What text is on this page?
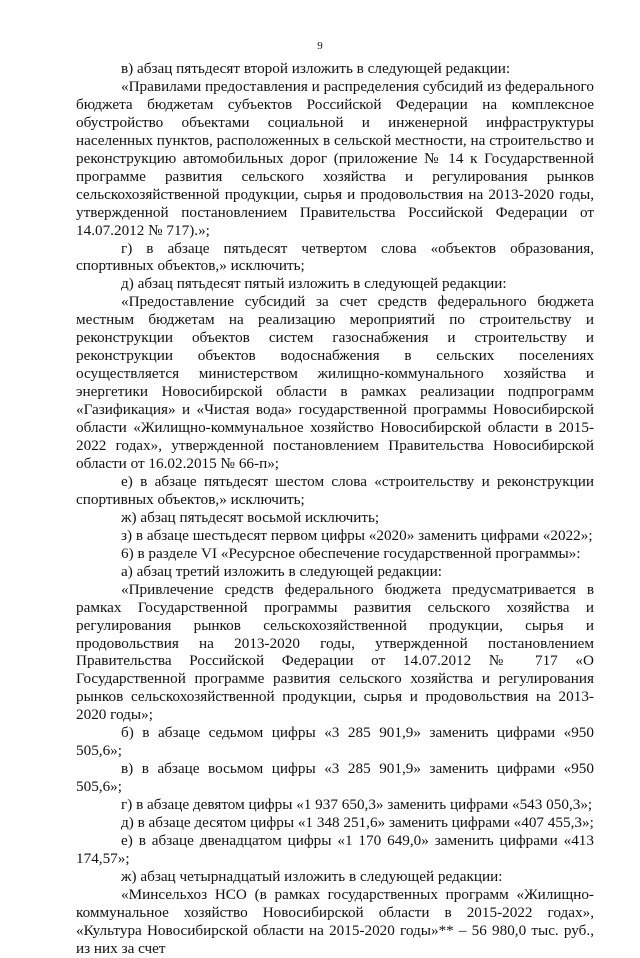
9

в) абзац пятьдесят второй изложить в следующей редакции:

«Правилами предоставления и распределения субсидий из федерального бюджета бюджетам субъектов Российской Федерации на комплексное обустройство объектами социальной и инженерной инфраструктуры населенных пунктов, расположенных в сельской местности, на строительство и реконструкцию автомобильных дорог (приложение № 14 к Государственной программе развития сельского хозяйства и регулирования рынков сельскохозяйственной продукции, сырья и продовольствия на 2013-2020 годы, утвержденной постановлением Правительства Российской Федерации от 14.07.2012 № 717).»;

г) в абзаце пятьдесят четвертом слова «объектов образования, спортивных объектов,» исключить;

д) абзац пятьдесят пятый изложить в следующей редакции:

«Предоставление субсидий за счет средств федерального бюджета местным бюджетам на реализацию мероприятий по строительству и реконструкции объектов систем газоснабжения и строительству и реконструкции объектов водоснабжения в сельских поселениях осуществляется министерством жилищно-коммунального хозяйства и энергетики Новосибирской области в рамках реализации подпрограмм «Газификация» и «Чистая вода» государственной программы Новосибирской области «Жилищно-коммунальное хозяйство Новосибирской области в 2015-2022 годах», утвержденной постановлением Правительства Новосибирской области от 16.02.2015 № 66-п»;

е) в абзаце пятьдесят шестом слова «строительству и реконструкции спортивных объектов,» исключить;

ж) абзац пятьдесят восьмой исключить;

з) в абзаце шестьдесят первом цифры «2020» заменить цифрами «2022»;

6) в разделе VI «Ресурсное обеспечение государственной программы»:

а) абзац третий изложить в следующей редакции:

«Привлечение средств федерального бюджета предусматривается в рамках Государственной программы развития сельского хозяйства и регулирования рынков сельскохозяйственной продукции, сырья и продовольствия на 2013-2020 годы, утвержденной постановлением Правительства Российской Федерации от 14.07.2012 № 717 «О Государственной программе развития сельского хозяйства и регулирования рынков сельскохозяйственной продукции, сырья и продовольствия на 2013-2020 годы»;

б) в абзаце седьмом цифры «3 285 901,9» заменить цифрами «950 505,6»;

в) в абзаце восьмом цифры «3 285 901,9» заменить цифрами «950 505,6»;

г) в абзаце девятом цифры «1 937 650,3» заменить цифрами «543 050,3»;

д) в абзаце десятом цифры «1 348 251,6» заменить цифрами «407 455,3»;

е) в абзаце двенадцатом цифры «1 170 649,0» заменить цифрами «413 174,57»;

ж) абзац четырнадцатый изложить в следующей редакции:

«Минсельхоз НСО (в рамках государственных программ «Жилищно-коммунальное хозяйство Новосибирской области в 2015-2022 годах», «Культура Новосибирской области на 2015-2020 годы»** – 56 980,0 тыс. руб., из них за счет
